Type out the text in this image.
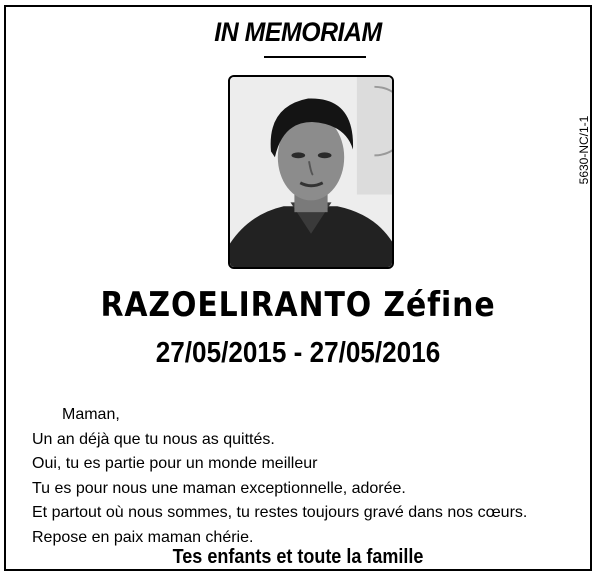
IN MEMORIAM
RAZOELIRANTO Zéfine
27/05/2015 - 27/05/2016
Maman,
Un an déjà que tu nous as quittés.
Oui, tu es partie pour un monde meilleur
Tu es pour nous une maman exceptionnelle, adorée.
Et partout où nous sommes, tu restes toujours gravé dans nos cœurs.
Repose en paix maman chérie.
Tes enfants et toute la famille
5630-NC/1-1
